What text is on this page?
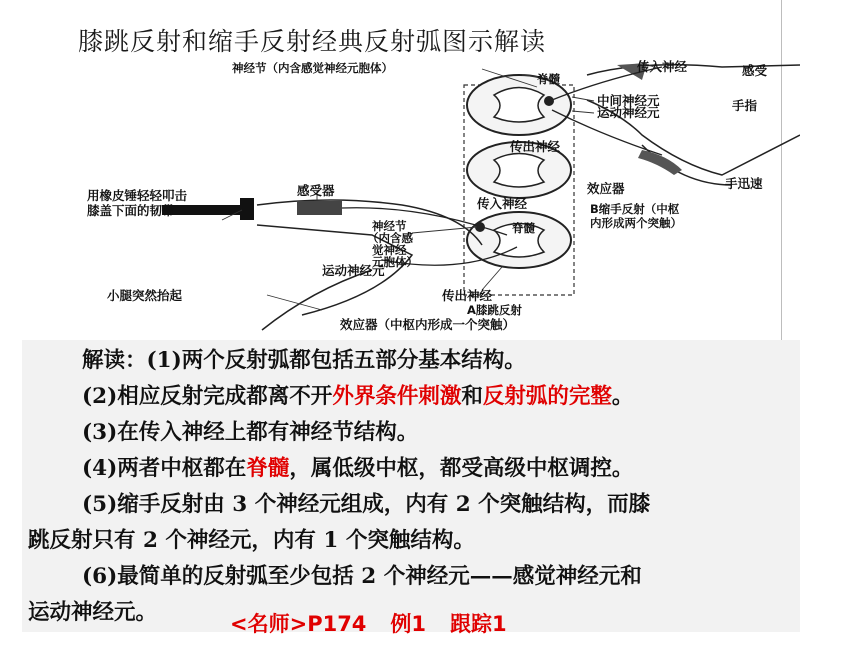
膝跳反射和缩手反射经典反射弧图示解读
神经节（内含感觉神经元胞体）
脊髓
传入神经	感受
中间神经元
运动神经元	手指
传出神经
效应器	手迅速
B缩手反射（中枢
内形成两个突触）
用橡皮锤轻轻叩击
膝盖下面的韧带
感受器
神经节
（内含感
觉神经
元胞体）
传入神经
脊髓
运动神经元
小腿突然抬起	传出神经
A膝跳反射
效应器（中枢内形成一个突触）
解读：(1)两个反射弧都包括五部分基本结构。
(2)相应反射完成都离不开外界条件刺激和反射弧的完整。
(3)在传入神经上都有神经节结构。
(4)两者中枢都在脊髓，属低级中枢，都受高级中枢调控。
(5)缩手反射由 3 个神经元组成，内有 2 个突触结构，而膝
跳反射只有 2 个神经元，内有 1 个突触结构。
(6)最简单的反射弧至少包括 2 个神经元——感觉神经元和
运动神经元。	<名师>P174 例1 跟踪1
